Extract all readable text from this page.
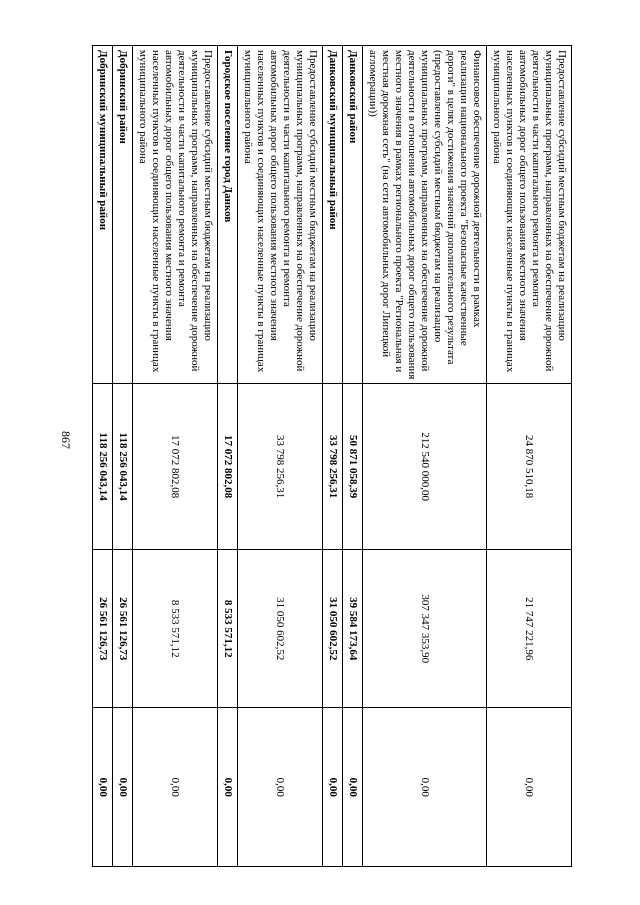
867
Предоставление субсидий местным бюджетам на реализацию муниципальных программ, направленных на обеспечение дорожной деятельности в части капитального ремонта и ремонта автомобильных дорог общего пользования местного значения населенных пунктов и соединяющих населенные пункты в границах муниципального района	24 870 510,18	21 747 221,96	0,00
Финансовое обеспечение дорожной деятельности в рамках реализации национального проекта "Безопасные качественные дороги" в целях достижения значений дополнительного результата (предоставление субсидий местным бюджетам на реализацию муниципальных программ, направленных на обеспечение дорожной деятельности в отношении автомобильных дорог общего пользования местного значения в рамках регионального проекта "Региональная и местная дорожная сеть" (на сети автомобильных дорог Липецкой агломерации))	212 540 000,00	307 347 353,90	0,00
Данковский район	50 871 058,39	39 584 173,64	0,00
Данковский муниципальный район	33 798 256,31	31 050 602,52	0,00
Предоставление субсидий местным бюджетам на реализацию муниципальных программ, направленных на обеспечение дорожной деятельности в части капитального ремонта и ремонта автомобильных дорог общего пользования местного значения населенных пунктов и соединяющих населенные пункты в границах муниципального района	33 798 256,31	31 050 602,52	0,00
Городское поселение город Данков	17 072 802,08	8 533 571,12	0,00
Предоставление субсидий местным бюджетам на реализацию муниципальных программ, направленных на обеспечение дорожной деятельности в части капитального ремонта и ремонта автомобильных дорог общего пользования местного значения населенных пунктов и соединяющих населенные пункты в границах муниципального района	17 072 802,08	8 533 571,12	0,00
Добринский район	118 256 043,14	26 561 126,73	0,00
Добринский муниципальный район	118 256 043,14	26 561 126,73	0,00
